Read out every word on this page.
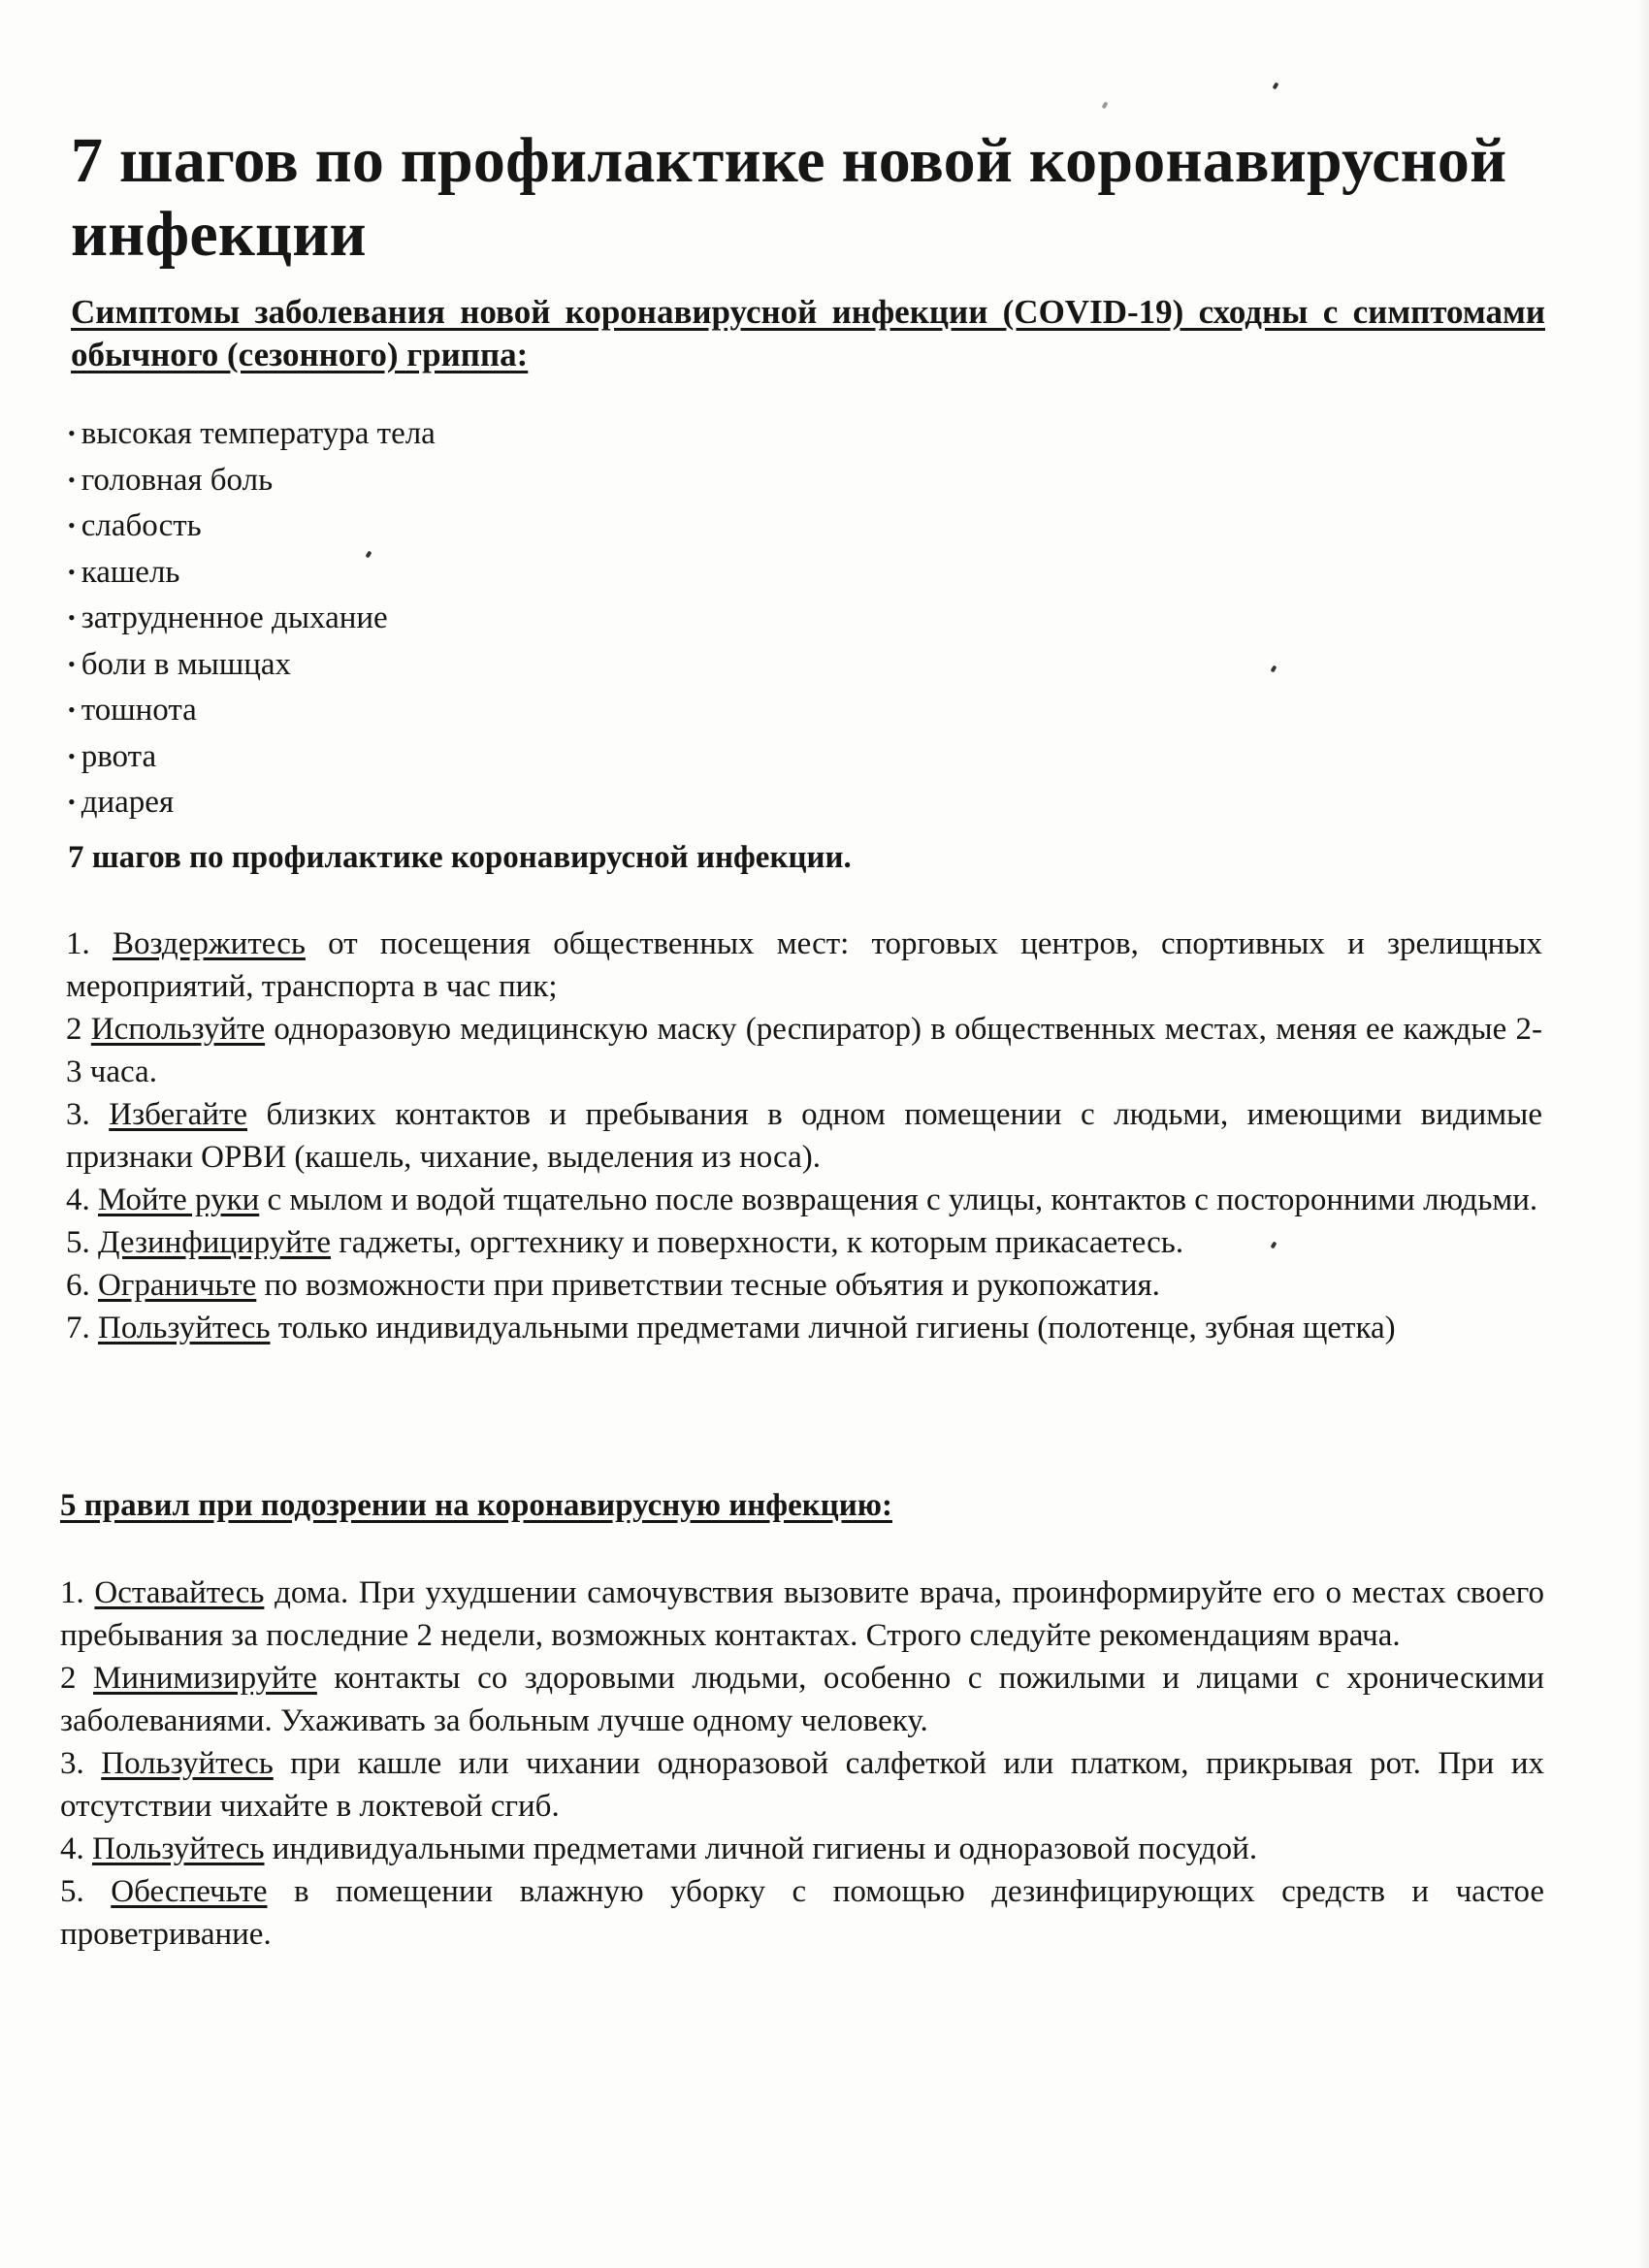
7 шагов по профилактике новой коронавирусной инфекции

Симптомы заболевания новой коронавирусной инфекции (COVID-19) сходны с симптомами обычного (сезонного) гриппа:

• высокая температура тела
• головная боль
• слабость
• кашель
• затрудненное дыхание
• боли в мышцах
• тошнота
• рвота
• диарея
7 шагов по профилактике коронавирусной инфекции.
1. Воздержитесь от посещения общественных мест: торговых центров, спортивных и зрелищных мероприятий, транспорта в час пик;
2 Используйте одноразовую медицинскую маску (респиратор) в общественных местах, меняя ее каждые 2-3 часа.
3. Избегайте близких контактов и пребывания в одном помещении с людьми, имеющими видимые признаки ОРВИ (кашель, чихание, выделения из носа).
4. Мойте руки с мылом и водой тщательно после возвращения с улицы, контактов с посторонними людьми.
5. Дезинфицируйте гаджеты, оргтехнику и поверхности, к которым прикасаетесь.
6. Ограничьте по возможности при приветствии тесные объятия и рукопожатия.
7. Пользуйтесь только индивидуальными предметами личной гигиены (полотенце, зубная щетка)
5 правил при подозрении на коронавирусную инфекцию:
1. Оставайтесь дома. При ухудшении самочувствия вызовите врача, проинформируйте его о местах своего пребывания за последние 2 недели, возможных контактах. Строго следуйте рекомендациям врача.
2 Минимизируйте контакты со здоровыми людьми, особенно с пожилыми и лицами с хроническими заболеваниями. Ухаживать за больным лучше одному человеку.
3. Пользуйтесь при кашле или чихании одноразовой салфеткой или платком, прикрывая рот. При их отсутствии чихайте в локтевой сгиб.
4. Пользуйтесь индивидуальными предметами личной гигиены и одноразовой посудой.
5. Обеспечьте в помещении влажную уборку с помощью дезинфицирующих средств и частое проветривание.
